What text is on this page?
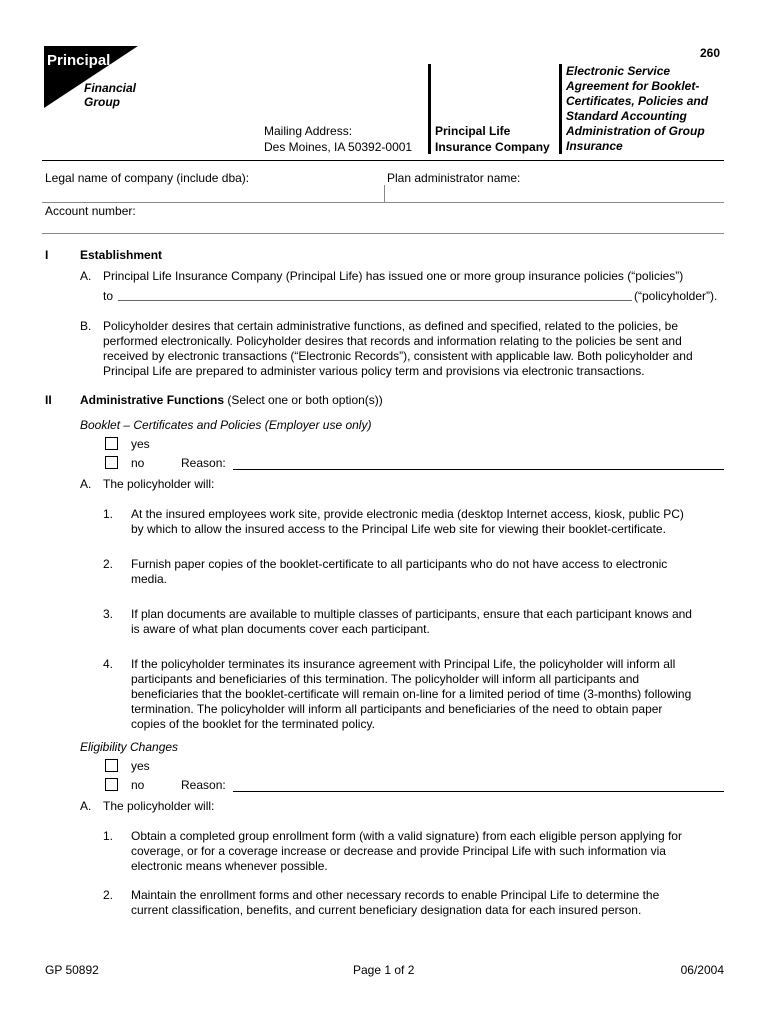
Principal
Financial
Group
260
Mailing Address:
Des Moines, IA 50392-0001
Principal Life
Insurance Company
Electronic Service
Agreement for Booklet-
Certificates, Policies and
Standard Accounting
Administration of Group
Insurance
Legal name of company (include dba):	Plan administrator name:
Account number:
I	Establishment
A. Principal Life Insurance Company (Principal Life) has issued one or more group insurance policies (“policies”)
to	(“policyholder”).
B. Policyholder desires that certain administrative functions, as defined and specified, related to the policies, be
performed electronically. Policyholder desires that records and information relating to the policies be sent and
received by electronic transactions (“Electronic Records”), consistent with applicable law. Both policyholder and
Principal Life are prepared to administer various policy term and provisions via electronic transactions.
II Administrative Functions (Select one or both option(s))
Booklet – Certificates and Policies (Employer use only)
yes
no	Reason:
A. The policyholder will:
1. At the insured employees work site, provide electronic media (desktop Internet access, kiosk, public PC)
by which to allow the insured access to the Principal Life web site for viewing their booklet-certificate.
2. Furnish paper copies of the booklet-certificate to all participants who do not have access to electronic
media.
3. If plan documents are available to multiple classes of participants, ensure that each participant knows and
is aware of what plan documents cover each participant.
4. If the policyholder terminates its insurance agreement with Principal Life, the policyholder will inform all
participants and beneficiaries of this termination. The policyholder will inform all participants and
beneficiaries that the booklet-certificate will remain on-line for a limited period of time (3-months) following
termination. The policyholder will inform all participants and beneficiaries of the need to obtain paper
copies of the booklet for the terminated policy.
Eligibility Changes
yes
no	Reason:
A. The policyholder will:
1. Obtain a completed group enrollment form (with a valid signature) from each eligible person applying for
coverage, or for a coverage increase or decrease and provide Principal Life with such information via
electronic means whenever possible.
2. Maintain the enrollment forms and other necessary records to enable Principal Life to determine the
current classification, benefits, and current beneficiary designation data for each insured person.
GP 50892	Page 1 of 2	06/2004
